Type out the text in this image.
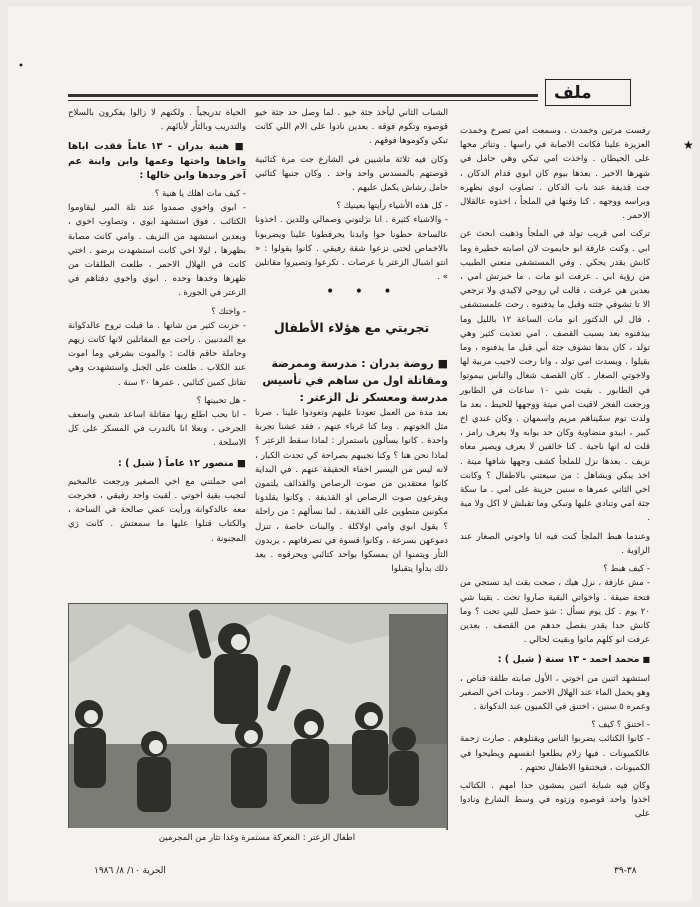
•
★
ملف

رفست مرتين وخمدت . وسمعت امي تصرخ وخمدت العزيزة علينا فكانت الاصابة في راسها . وتناثر مخها على الحيطان . واخذت امي تبكي وهي حامل في شهرها الاخير . بعدها بيوم كان ابوي قدام الدكان ، جت قذيفة عند باب الدكان . تصاوب ابوي بظهره وبراسه ووجهه . كنا وقتها في الملجأ ، اخذوه عالقلال الاحمر .

تركت امي قريب تولد في الملجأ وذهبت ابحث عن ابي . وكنت عارفة ابو حايموت لان اصابته خطيرة وما كانش يقدر يحكي . وفي المستشفى منعني الطبيب من رؤية ابي . عرفت انو مات . ما خبرتش امي ، بعدين هي عرفت ، قالت لي روحي لاكيدي ولا ترجعي الا تا تشوفي جثته وقبل ما يدفنوه . رحت علمستشفى ، قال لي الدكتور انو مات الساعة ١٢ بالليل وما بيدفنوه بعد بسبب القصف . امي تعذبت كثير وهي تولد ، كان بدها تشوف جثة أبي قبل ما يدفنوه ، وما بقيلوا . ويسدت امي تولد ، وانا رحت لاجيب مربية لها ولاخوتي الصغار . كان القصف شغال والناس بيموتوا في الطابور . بقيت شي ١٠ ساعات في الطابور ورجعت الفجر لاقيت امي ميتة ووجهها للحيط ، بعد ما ولدت توم سمّيناهم مريم واسمهان . وكان عندي اخ كبير ، ابيدو منضاوية وكان حد بوابه ولا يعرف رامز ، قلت له انها ناجية . كنا خائفين لا يعرف ويصير معاه نزيف . بعدها نزل للملجأ كشف وجهها شافها ميتة . اخذ يبكي ويشاهل : من سيعتني بالاطفال ؟ وكانت اخي الثاني عمرها ه سنين حزينة على امي . ما سكة جثة امي وتنادي عليها وتبكي وما تقبلش لا اكل ولا مية .

وعندما هبط الملجأ كنت فيه انا واخوتي الصغار عند الزاوية .

- كيف هبط ؟

- مش عارفة ، نزل هيك ، صحت بقت ايد تستجي من فتحة ضيقة . واخواتي البقية صاروا تحت . بقينا شي ٢٠ يوم . كل يوم نسأل : شو حصل لليي تحت ؟ وما كانش حدا يقدر يفصل حدهم من القصف . بعدين عرفت انو كلهم ماتوا وبقيت لحالي .

■محمد احمد - ١٣ سنة ( شبل ) :

استشهد اثنين من اخوتي ، الأول صابته طلقة قناص ، وهو يحمل الماء عند الهلال الاحمر . ومات اخي الصغير وعمره ٥ سنين ، اختنق في الكميون عند الدكوانة .

- اختنق ؟ كيف ؟

- كانوا الكتائب يضربوا الناس ويقتلوهم . صارت زحمة عالكميونات . فيها زلام يطلعوا انفسهم ويطيحوا في الكميونات ، فيختنقوا الاطفال تحتهم .

وكان فيه شبابة اثنين يمشون حدا امهم . الكتائب اخذوا واحد قوصوه وزتوه في وسط الشارع ونادوا على

الشباب الثاني ليأخذ جثة خيو . لما وصل حد جثة خيو قوصوه وتكوم فوقه . بعدين نادوا على الام اللي كانت تبكي وكوموها فوقهم .

وكان فيه ثلاثة ماشيين في الشارع جت مرة كتائبية قوصتهم بالمسدس واحد واحد . وكان جنبها كتائبي حامل رشاش يكمل عليهم .

- كل هذه الأشياء رأيتها بعينيك ؟

- والاشياء كثيرة . انا نزلتوني وصمالي وللدين . اخذونا عالساحة حطونا حوا وايدنا يحرفطونا علينا ويضربونا بالاخماص لحتى نزعوا شقة رفيقي . كانوا يقولوا : « انتو اشبال الزعتر يا عرصات . تكرعوا وتصيروا مقاتلين » .

• • •
تجربتي مع هؤلاء الأطفال
■ روضة بدران : مدرسة وممرضة ومقاتلة اول من ساهم في تأسيس مدرسة ومعسكر تل الزعتر :

بعد مدة من العمل تعودنا عليهم وتعودوا علينا . صرنا مثل الخوتهم . وما كنا غرباء عنهم ، فقد عشنا تجربة واحدة . كانوا يسألون باستمرار : لماذا سقط الزعتر ؟ لماذا نحن هنا ؟ وكنا نجيبهم بصراحة كي تحدث الكبار ، لانه ليس من اليسير اخفاء الحقيقة عنهم . في البداية كانوا معتقدين من صوت الرصاص والقذائف يلتمون ويقرعون صوت الرصاص او القذيفة . وكانوا يقلدونا مكونين متطوين على القذيفة . لما نسألهم : من راحلة ؟ يقول ابوي وامي اولاكلة . والبنات خاصة ، تنزل دموعهن بسرعة ، وكانوا قسوة في تصرفاتهم ، يريدون الثأر ويتمنوا ان يمسكوا بواحد كتائبي ويحرقوه . بعد ذلك بدأوا يتقبلوا

الحياة تدريجياً . ولكنهم لا زالوا يفكرون بالسلاح والتدريب وبالثأر لأبائهم .

■ هنية بدران - ١٣ عاماً فقدت اباها واخاها واختها وعمها وابن وابنة عم آخر وجدها وابن خالها :

- كيف مات اهلك يا هنية ؟

- ابوي واخوي صمدوا عند تلة المير ليقاوموا الكتائب . فوق استشهد ابوي ، وتصاوب اخوي ، وبعدين استشهد من النزيف . وامي كانت مصابة بظهرها ، لولا اخي كانت استشهدت برضو . اختي كانت في الهلال الاحمر ، طلعت الطلقات من ظهرها وخدها وحده . ابوي واخوي دفناهم في الزعتر في الجورة .

- واختك ؟

- حزنت كثير من شانها . ما قبلت تروح عالدكوانة مع المدنيين . راحت مع المقاتلين لانها كانت زيهم وحاملة حاقم قالت : والموت بشرفي وما اموت عند الكلاب . طلعت على الجبل واستشهدت وهي تقاتل كمين كتائبي . عمرها ٢٠ سنة .

- هل تحبينها ؟

- انا بحب اطلع زيها مقاتلة اساعد شعبي واسعف الجرحى ، ونعلا انا بالتدرب في المسكر على كل الاسلحة .

■ منصور ١٢ عاماً ( شبل ) :

امي حملتني مع اخي الصغير ورجعت عالمخيم لتجيب بقية اخوتي . لقيت واحد رفيقي ، فخرجت معه عالدكوانة ورأيت عمي صالحة في الساحة ، والكتاب قتلوا عليها ما سمعتش . كانت زي المجنونة .

اطفال الزعتر : المعركة مستمرة وغدا تثار من المجرمين
الحرية ١٠/ ٨/ ١٩٨٦	٣٨-٣٩
